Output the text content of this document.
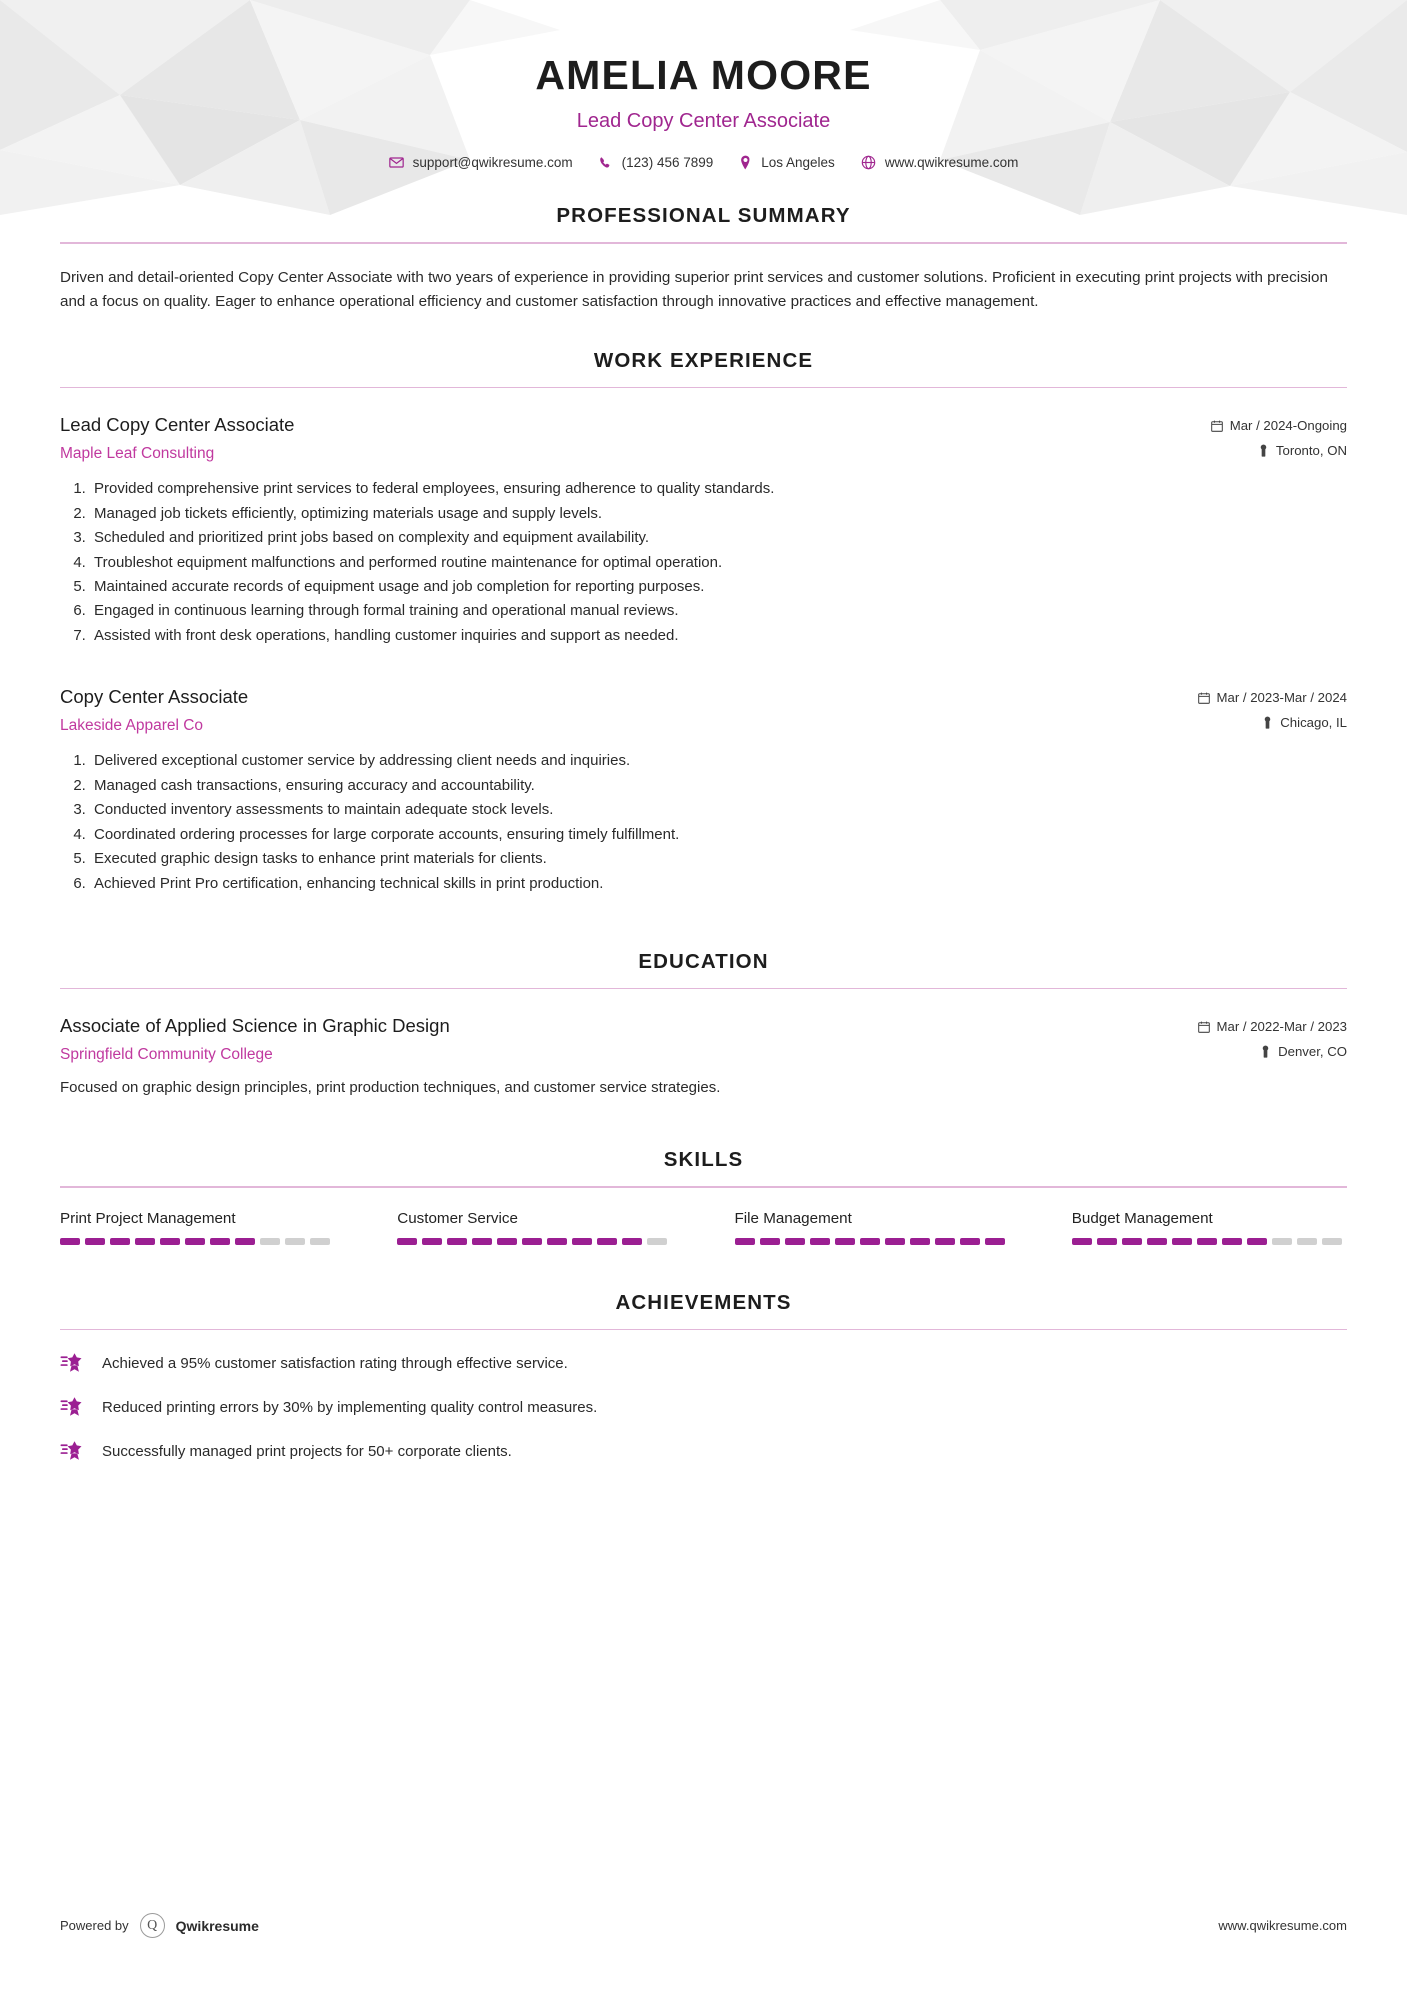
AMELIA MOORE
Lead Copy Center Associate
support@qwikresume.com	(123) 456 7899	Los Angeles	www.qwikresume.com
PROFESSIONAL SUMMARY

Driven and detail-oriented Copy Center Associate with two years of experience in providing superior print services and customer solutions. Proficient in executing print projects with precision and a focus on quality. Eager to enhance operational efficiency and customer satisfaction through innovative practices and effective management.

WORK EXPERIENCE
Lead Copy Center Associate
Maple Leaf Consulting
Mar / 2024-Ongoing
Toronto, ON
1. Provided comprehensive print services to federal employees, ensuring adherence to quality standards.
2. Managed job tickets efficiently, optimizing materials usage and supply levels.
3. Scheduled and prioritized print jobs based on complexity and equipment availability.
4. Troubleshot equipment malfunctions and performed routine maintenance for optimal operation.
5. Maintained accurate records of equipment usage and job completion for reporting purposes.
6. Engaged in continuous learning through formal training and operational manual reviews.
7. Assisted with front desk operations, handling customer inquiries and support as needed.
Copy Center Associate
Lakeside Apparel Co
Mar / 2023-Mar / 2024
Chicago, IL
1. Delivered exceptional customer service by addressing client needs and inquiries.
2. Managed cash transactions, ensuring accuracy and accountability.
3. Conducted inventory assessments to maintain adequate stock levels.
4. Coordinated ordering processes for large corporate accounts, ensuring timely fulfillment.
5. Executed graphic design tasks to enhance print materials for clients.
6. Achieved Print Pro certification, enhancing technical skills in print production.
EDUCATION
Associate of Applied Science in Graphic Design
Springfield Community College
Mar / 2022-Mar / 2023
Denver, CO

Focused on graphic design principles, print production techniques, and customer service strategies.

SKILLS
Print Project Management	Customer Service	File Management	Budget Management
ACHIEVEMENTS
Achieved a 95% customer satisfaction rating through effective service.
Reduced printing errors by 30% by implementing quality control measures.
Successfully managed print projects for 50+ corporate clients.
Powered by	Q	Qwikresume	www.qwikresume.com
